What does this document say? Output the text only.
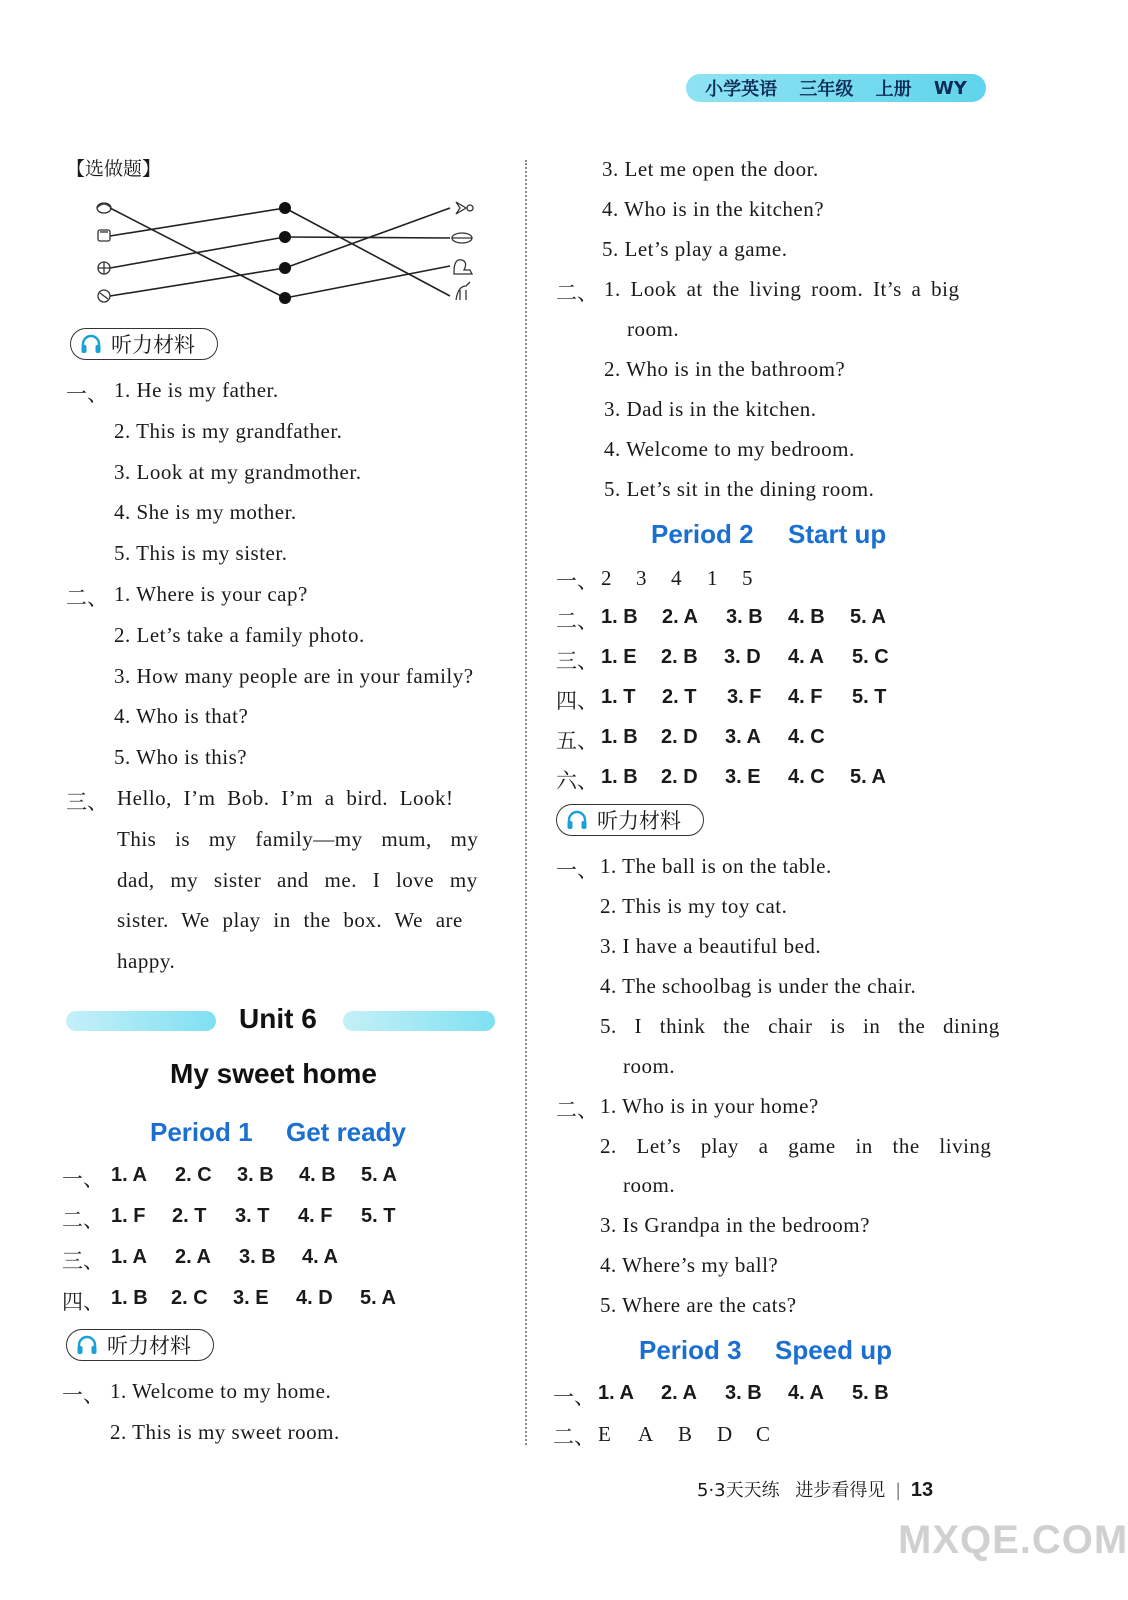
小学英语 三年级 上册 WY
【选做题】
听力材料
一、 1. He is my father.
2. This is my grandfather.
3. Look at my grandmother.
4. She is my mother.
5. This is my sister.
二、 1. Where is your cap?
2. Let’s take a family photo.
3. How many people are in your family?
4. Who is that?
5. Who is this?
三、 Hello, I’m Bob. I’m a bird. Look!
This is my family—my mum, my
dad, my sister and me. I love my
sister. We play in the box. We are
happy.
Unit 6
My sweet home
Period 1 Get ready
一、 1. A 2. C 3. B 4. B 5. A
二、 1. F 2. T 3. T 4. F 5. T
三、 1. A 2. A 3. B 4. A
四、 1. B 2. C 3. E 4. D 5. A
听力材料
一、 1. Welcome to my home.
2. This is my sweet room.
3. Let me open the door.
4. Who is in the kitchen?
5. Let’s play a game.
二、 1. Look at the living room. It’s a big
room.
2. Who is in the bathroom?
3. Dad is in the kitchen.
4. Welcome to my bedroom.
5. Let’s sit in the dining room.
Period 2 Start up
一、 2 3 4 1 5
二、 1. B 2. A 3. B 4. B 5. A
三、 1. E 2. B 3. D 4. A 5. C
四、 1. T 2. T 3. F 4. F 5. T
五、 1. B 2. D 3. A 4. C
六、 1. B 2. D 3. E 4. C 5. A
听力材料
一、 1. The ball is on the table.
2. This is my toy cat.
3. I have a beautiful bed.
4. The schoolbag is under the chair.
5. I think the chair is in the dining
room.
二、 1. Who is in your home?
2. Let’s play a game in the living
room.
3. Is Grandpa in the bedroom?
4. Where’s my ball?
5. Where are the cats?
Period 3 Speed up
一、 1. A 2. A 3. B 4. A 5. B
二、 E A B D C
5·3天天练 进步看得见 | 13
MXQE.COM
